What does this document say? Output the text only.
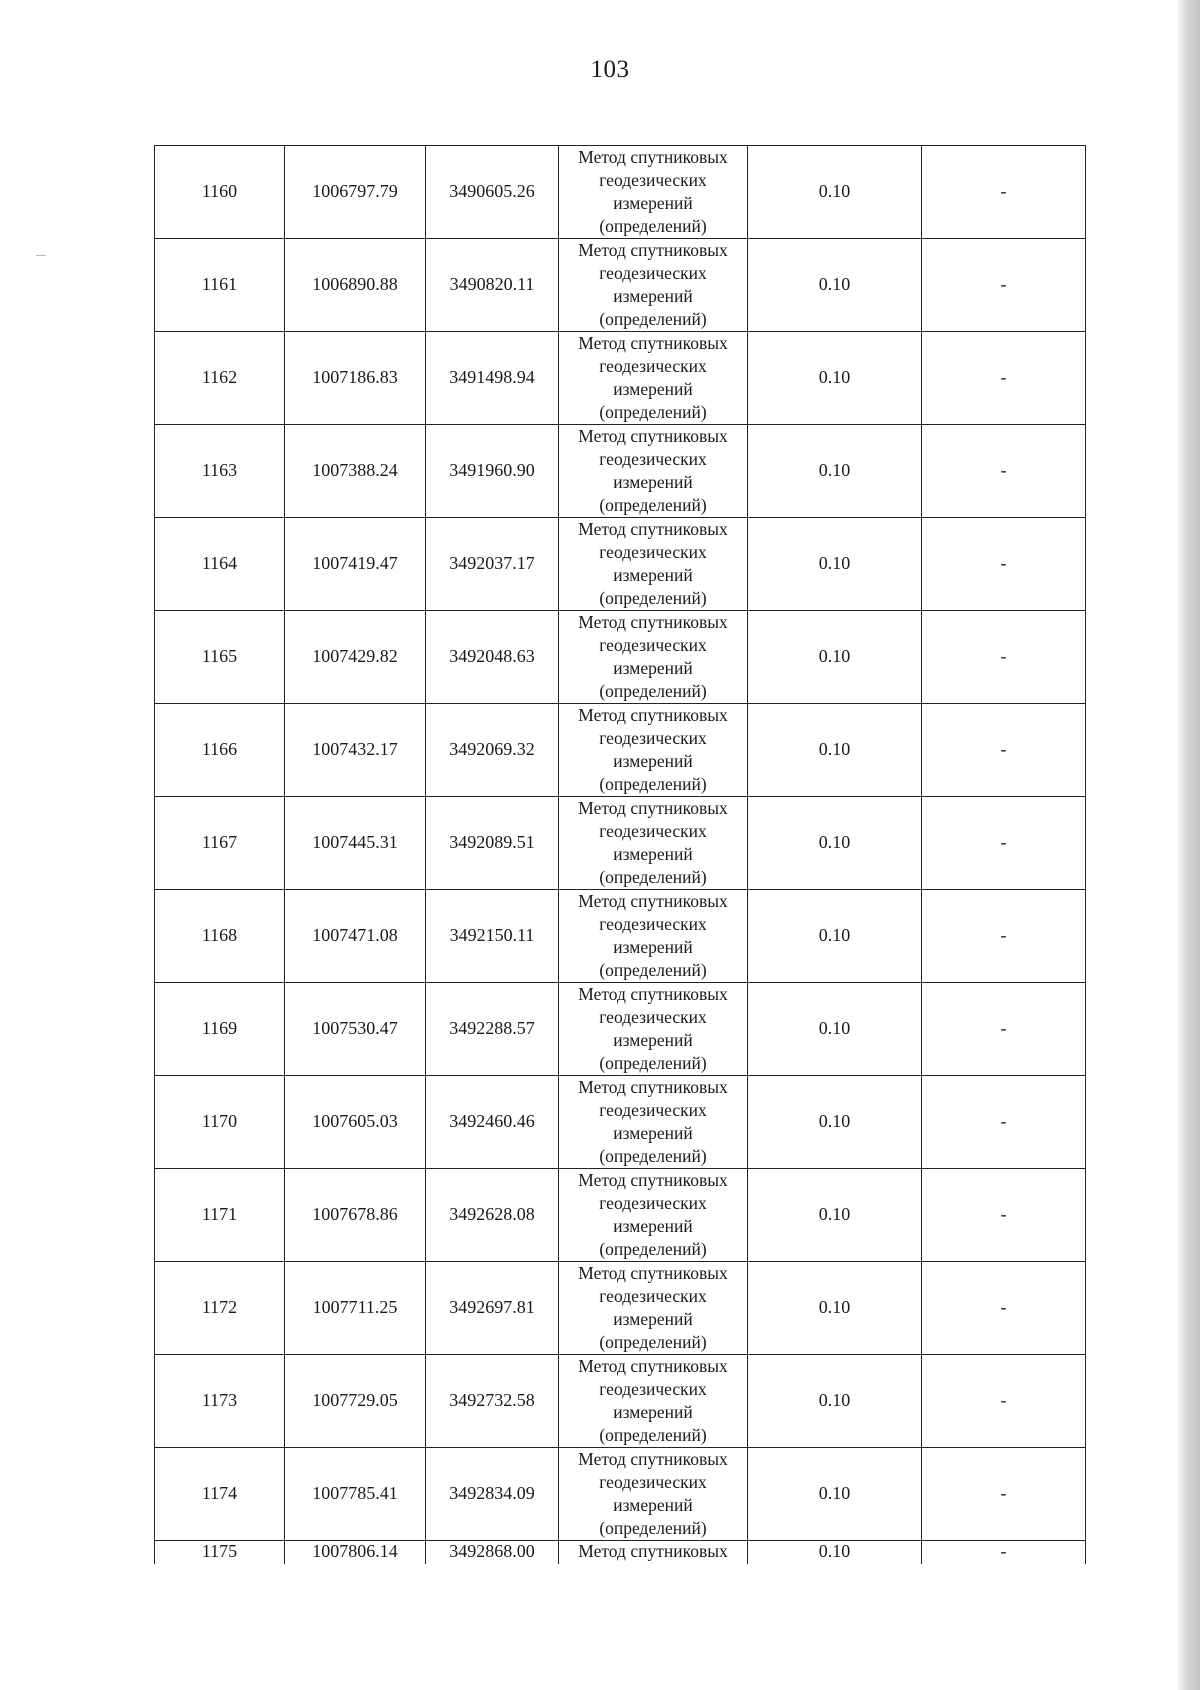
103
1160	1006797.79	3490605.26	Метод спутниковых
геодезических
измерений
(определений)	0.10	-
1161	1006890.88	3490820.11	Метод спутниковых
геодезических
измерений
(определений)	0.10	-
1162	1007186.83	3491498.94	Метод спутниковых
геодезических
измерений
(определений)	0.10	-
1163	1007388.24	3491960.90	Метод спутниковых
геодезических
измерений
(определений)	0.10	-
1164	1007419.47	3492037.17	Метод спутниковых
геодезических
измерений
(определений)	0.10	-
1165	1007429.82	3492048.63	Метод спутниковых
геодезических
измерений
(определений)	0.10	-
1166	1007432.17	3492069.32	Метод спутниковых
геодезических
измерений
(определений)	0.10	-
1167	1007445.31	3492089.51	Метод спутниковых
геодезических
измерений
(определений)	0.10	-
1168	1007471.08	3492150.11	Метод спутниковых
геодезических
измерений
(определений)	0.10	-
1169	1007530.47	3492288.57	Метод спутниковых
геодезических
измерений
(определений)	0.10	-
1170	1007605.03	3492460.46	Метод спутниковых
геодезических
измерений
(определений)	0.10	-
1171	1007678.86	3492628.08	Метод спутниковых
геодезических
измерений
(определений)	0.10	-
1172	1007711.25	3492697.81	Метод спутниковых
геодезических
измерений
(определений)	0.10	-
1173	1007729.05	3492732.58	Метод спутниковых
геодезических
измерений
(определений)	0.10	-
1174	1007785.41	3492834.09	Метод спутниковых
геодезических
измерений
(определений)	0.10	-
1175	1007806.14	3492868.00	Метод спутниковых	0.10	-
